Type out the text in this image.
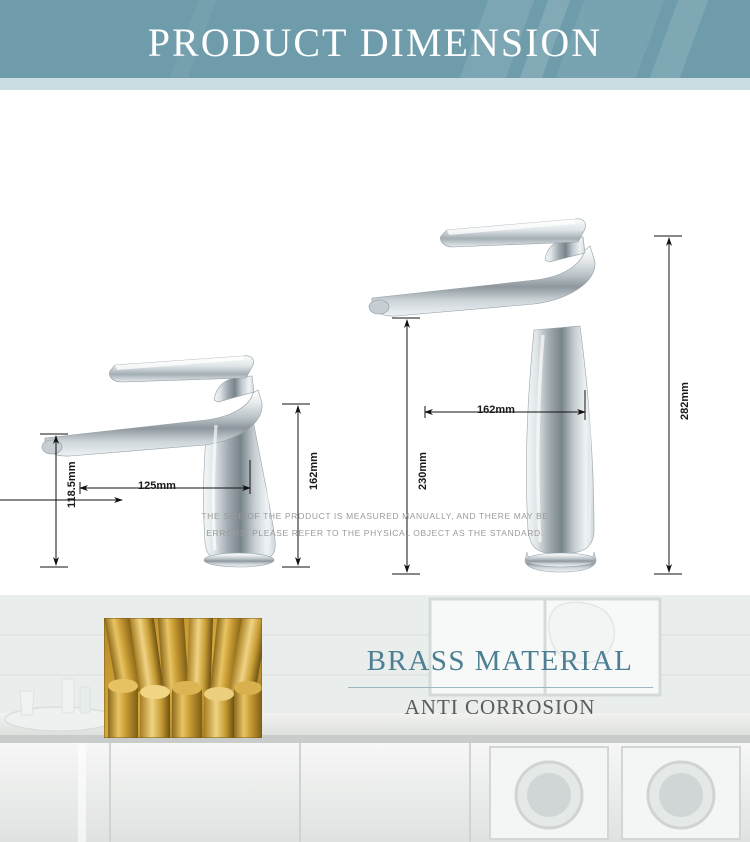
PRODUCT DIMENSION
118.5mm	125mm	162mm	230mm
162mm	282mm
THE SIZE OF THE PRODUCT IS MEASURED MANUALLY, AND THERE MAY BE ERRORS. PLEASE REFER TO THE PHYSICAL OBJECT AS THE STANDARD.
BRASS MATERIAL
ANTI CORROSION
